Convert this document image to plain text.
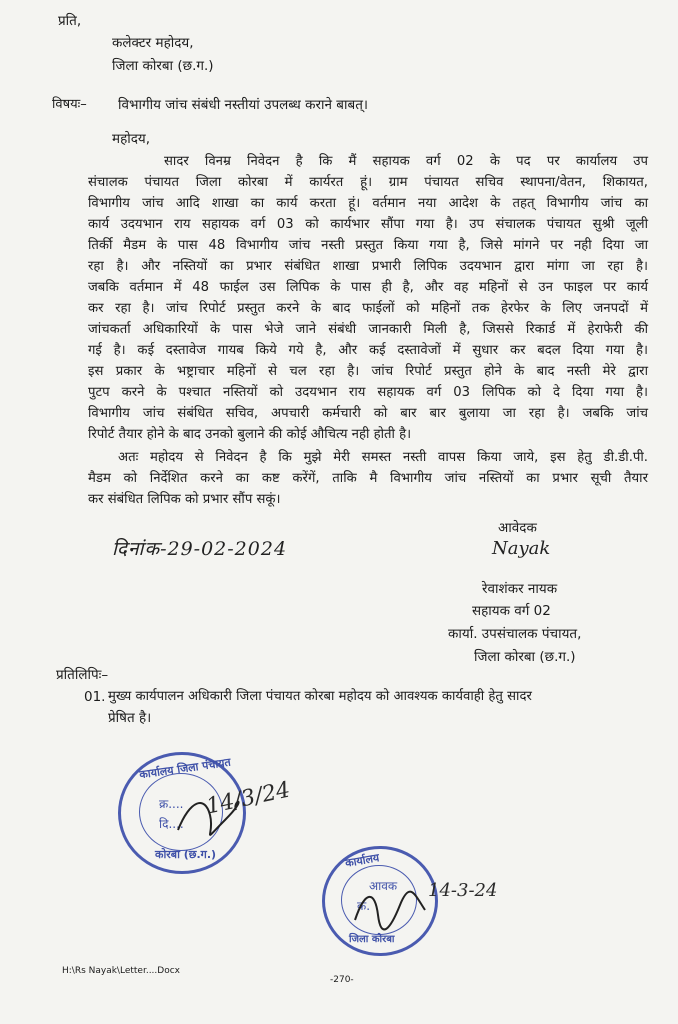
प्रति,
कलेक्टर महोदय,
जिला कोरबा (छ.ग.)
विषयः– विभागीय जांच संबंधी नस्तीयां उपलब्ध कराने बाबत्।
महोदय,
सादर विनम्र निवेदन है कि मैं सहायक वर्ग 02 के पद पर कार्यालय उप
संचालक पंचायत जिला कोरबा में कार्यरत हूं। ग्राम पंचायत सचिव स्थापना/वेतन, शिकायत,
विभागीय जांच आदि शाखा का कार्य करता हूं। वर्तमान नया आदेश के तहत् विभागीय जांच का
कार्य उदयभान राय सहायक वर्ग 03 को कार्यभार सौंपा गया है। उप संचालक पंचायत सुश्री जूली
तिर्की मैडम के पास 48 विभागीय जांच नस्ती प्रस्तुत किया गया है, जिसे मांगने पर नही दिया जा
रहा है। और नस्तियों का प्रभार संबंधित शाखा प्रभारी लिपिक उदयभान द्वारा मांगा जा रहा है।
जबकि वर्तमान में 48 फाईल उस लिपिक के पास ही है, और वह महिनों से उन फाइल पर कार्य
कर रहा है। जांच रिपोर्ट प्रस्तुत करने के बाद फाईलों को महिनों तक हेरफेर के लिए जनपदों में
जांचकर्ता अधिकारियों के पास भेजे जाने संबंधी जानकारी मिली है, जिससे रिकार्ड में हेराफेरी की
गई है। कई दस्तावेज गायब किये गये है, और कई दस्तावेजों में सुधार कर बदल दिया गया है।
इस प्रकार के भष्ट्राचार महिनों से चल रहा है। जांच रिपोर्ट प्रस्तुत होने के बाद नस्ती मेरे द्वारा
पुटप करने के पश्चात नस्तियों को उदयभान राय सहायक वर्ग 03 लिपिक को दे दिया गया है।
विभागीय जांच संबंधित सचिव, अपचारी कर्मचारी को बार बार बुलाया जा रहा है। जबकि जांच
रिपोर्ट तैयार होने के बाद उनको बुलाने की कोई औचित्य नही होती है।
अतः महोदय से निवेदन है कि मुझे मेरी समस्त नस्ती वापस किया जाये, इस हेतु डी.डी.पी.
मैडम को निर्देशित करने का कष्ट करेंगें, ताकि मै विभागीय जांच नस्तियों का प्रभार सूची तैयार
कर संबंधित लिपिक को प्रभार सौंप सकूं।
आवेदक
Nayak
दिनांक-29-02-2024
रेवाशंकर नायक
सहायक वर्ग 02
कार्या. उपसंचालक पंचायत,
जिला कोरबा (छ.ग.)
प्रतिलिपिः–
01. मुख्य कार्यपालन अधिकारी जिला पंचायत कोरबा महोदय को आवश्यक कार्यवाही हेतु सादर
प्रेषित है।
कार्यालय जिला पंचायत
क्र....
दि....
कोरबा (छ.ग.)
14/3/24
कार्यालय
आवक
क्र.
जिला कोरबा
14-3-24
H:\Rs Nayak\Letter....Docx
-270-
